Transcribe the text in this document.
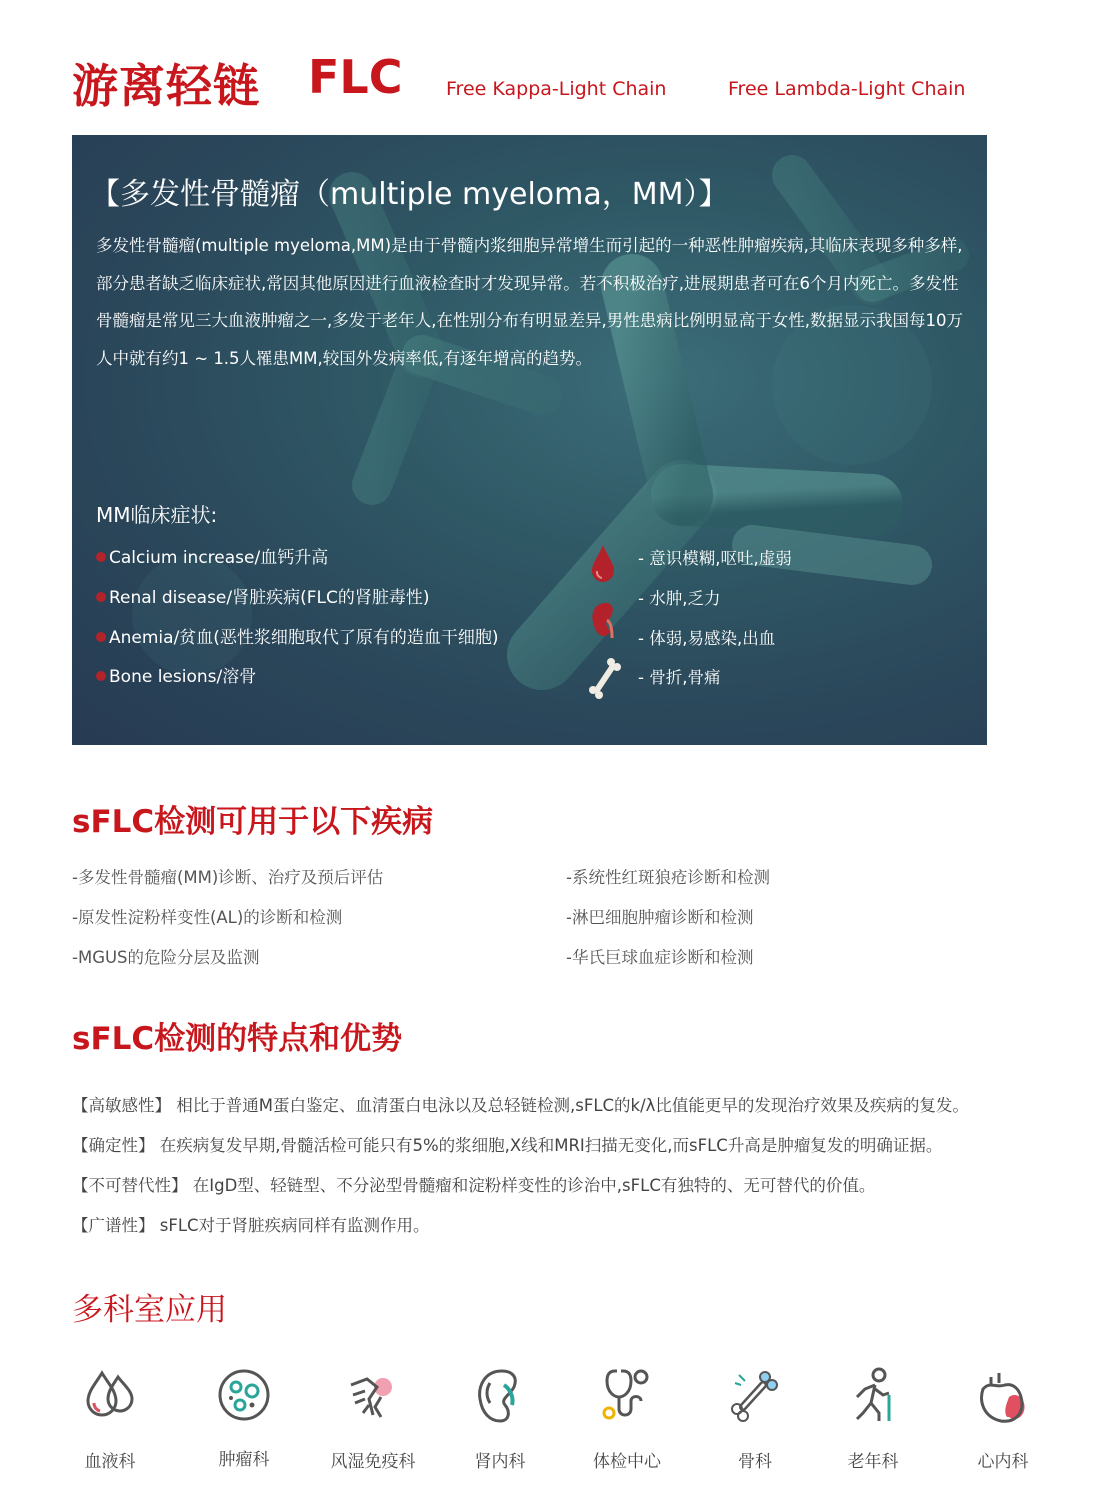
游离轻链 FLC Free Kappa-Light Chain	Free Lambda-Light Chain
【多发性骨髓瘤（multiple myeloma，MM）】
多发性骨髓瘤(multiple myeloma,MM)是由于骨髓内浆细胞异常增生而引起的一种恶性肿瘤疾病,其临床表现多种多样,部分患者缺乏临床症状,常因其他原因进行血液检查时才发现异常。若不积极治疗,进展期患者可在6个月内死亡。多发性骨髓瘤是常见三大血液肿瘤之一,多发于老年人,在性别分布有明显差异,男性患病比例明显高于女性,数据显示我国每10万人中就有约1 ~ 1.5人罹患MM,较国外发病率低,有逐年增高的趋势。
MM临床症状:
Calcium increase/血钙升高
Renal disease/肾脏疾病(FLC的肾脏毒性)
Anemia/贫血(恶性浆细胞取代了原有的造血干细胞)
Bone lesions/溶骨
- 意识模糊,呕吐,虚弱
- 水肿,乏力
- 体弱,易感染,出血
- 骨折,骨痛
sFLC检测可用于以下疾病
-多发性骨髓瘤(MM)诊断、治疗及预后评估
-原发性淀粉样变性(AL)的诊断和检测
-MGUS的危险分层及监测
-系统性红斑狼疮诊断和检测
-淋巴细胞肿瘤诊断和检测
-华氏巨球血症诊断和检测
sFLC检测的特点和优势
【高敏感性】 相比于普通M蛋白鉴定、血清蛋白电泳以及总轻链检测,sFLC的k/λ比值能更早的发现治疗效果及疾病的复发。
【确定性】 在疾病复发早期,骨髓活检可能只有5%的浆细胞,X线和MRI扫描无变化,而sFLC升高是肿瘤复发的明确证据。
【不可替代性】 在IgD型、轻链型、不分泌型骨髓瘤和淀粉样变性的诊治中,sFLC有独特的、无可替代的价值。
【广谱性】 sFLC对于肾脏疾病同样有监测作用。
多科室应用
血液科	肿瘤科	风湿免疫科	肾内科	体检中心	骨科	老年科	心内科
